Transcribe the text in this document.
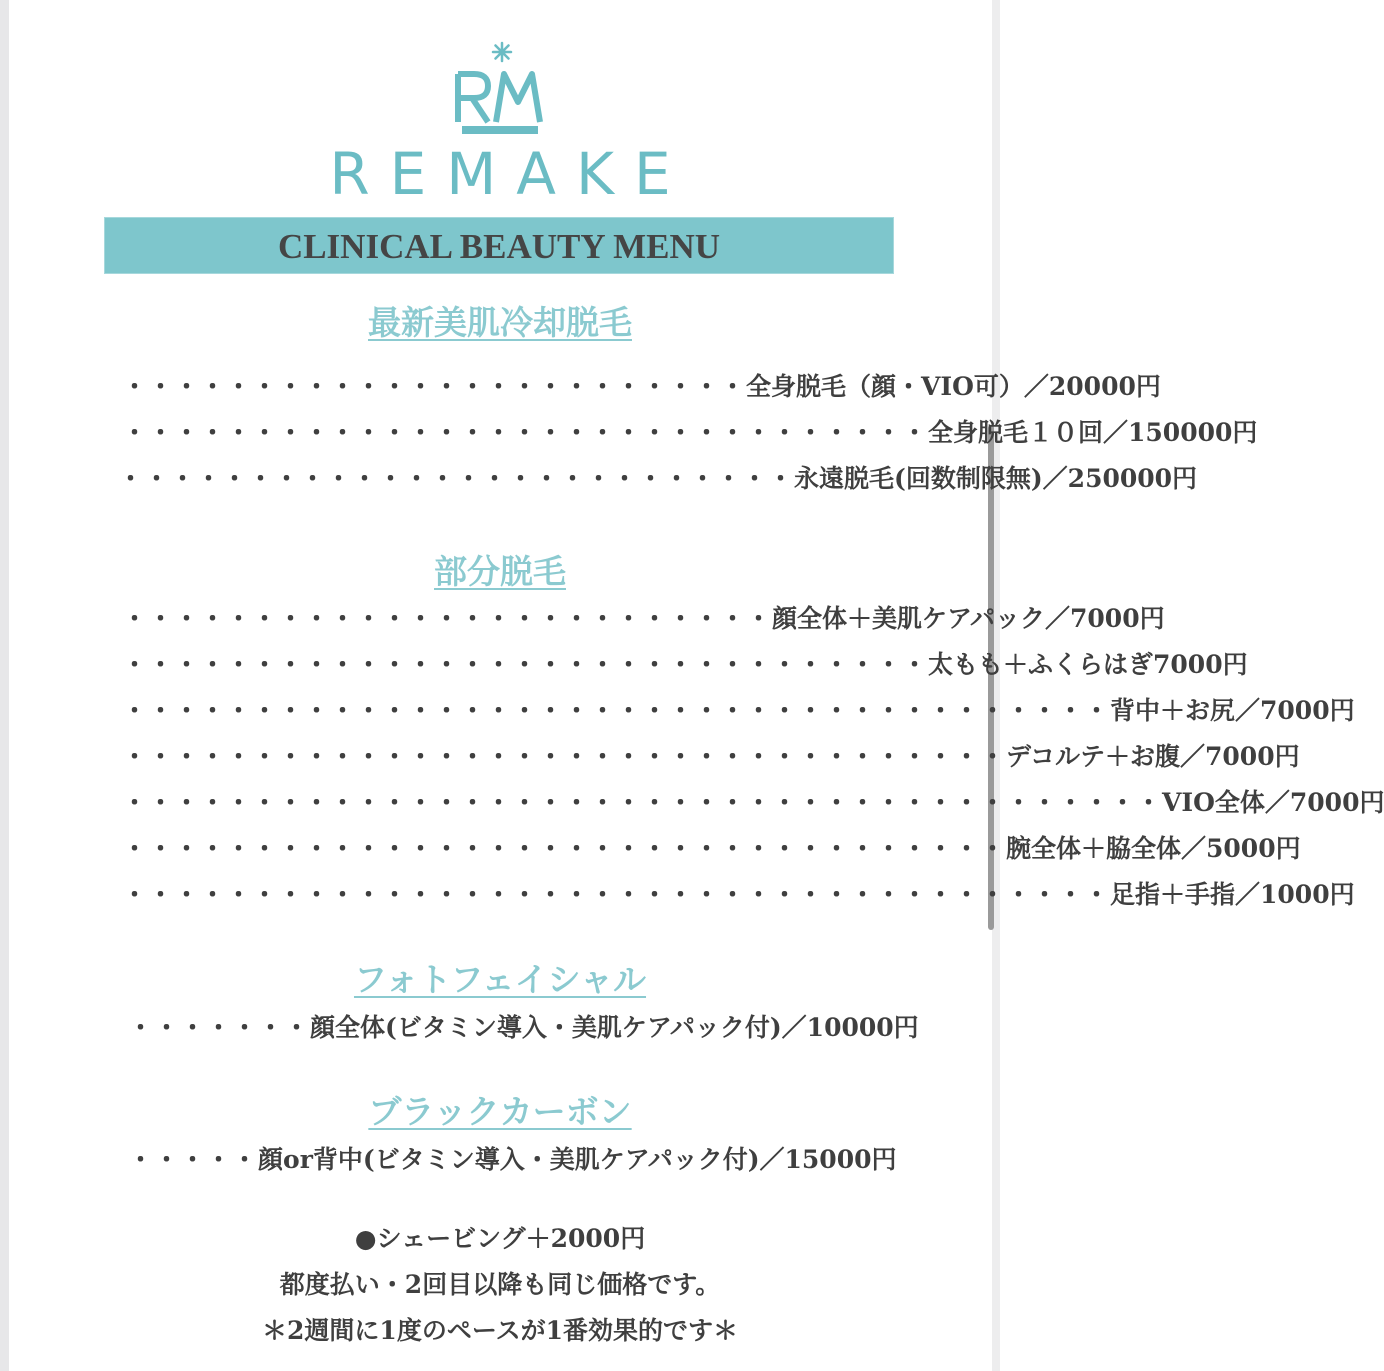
REMAKE
CLINICAL BEAUTY MENU
最新美肌冷却脱毛
・・・・・・・・・・・・・・・・・・・・・・・・ 全身脱毛（顔・VIO可）／20000円
・・・・・・・・・・・・・・・・・・・・・・・・・・・・・・・ 全身脱毛１０回／150000円
・・・・・・・・・・・・・・・・・・・・・・・・・・ 永遠脱毛(回数制限無)／250000円
部分脱毛
・・・・・・・・・・・・・・・・・・・・・・・・・ 顔全体＋美肌ケアパック／7000円
・・・・・・・・・・・・・・・・・・・・・・・・・・・・・・・ 太もも＋ふくらはぎ7000円
・・・・・・・・・・・・・・・・・・・・・・・・・・・・・・・・・・・・・・ 背中＋お尻／7000円
・・・・・・・・・・・・・・・・・・・・・・・・・・・・・・・・・・ デコルテ＋お腹／7000円
・・・・・・・・・・・・・・・・・・・・・・・・・・・・・・・・・・・・・・・・ VIO全体／7000円
・・・・・・・・・・・・・・・・・・・・・・・・・・・・・・・・・・ 腕全体＋脇全体／5000円
・・・・・・・・・・・・・・・・・・・・・・・・・・・・・・・・・・・・・・ 足指＋手指／1000円
フォトフェイシャル
・・・・・・・ 顔全体(ビタミン導入・美肌ケアパック付)／10000円
ブラックカーボン
・・・・・ 顔or背中(ビタミン導入・美肌ケアパック付)／15000円
●シェービング＋2000円
都度払い・2回目以降も同じ価格です。
＊2週間に1度のペースが1番効果的です＊
